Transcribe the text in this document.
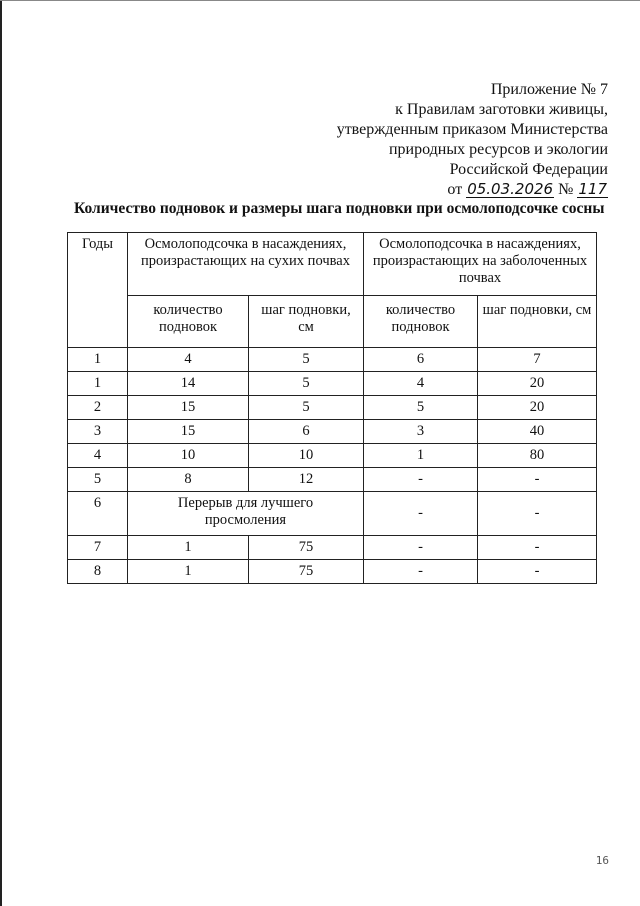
Приложение № 7
к Правилам заготовки живицы,
утвержденным приказом Министерства
природных ресурсов и экологии
Российской Федерации
от 05.03.2026 № 117
Количество подновок и размеры шага подновки при осмолоподсочке сосны
Годы	Осмолоподсочка в насаждениях, произрастающих на сухих почвах		Осмолоподсочка в насаждениях, произрастающих на заболоченных почвах	
	количество подновок	шаг подновки, см	количество подновок	шаг подновки, см
1	4	5	6	7
1	14	5	4	20
2	15	5	5	20
3	15	6	3	40
4	10	10	1	80
5	8	12	-	-
6	Перерыв для лучшего просмоления		-	-
7	1	75	-	-
8	1	75	-	-
16
